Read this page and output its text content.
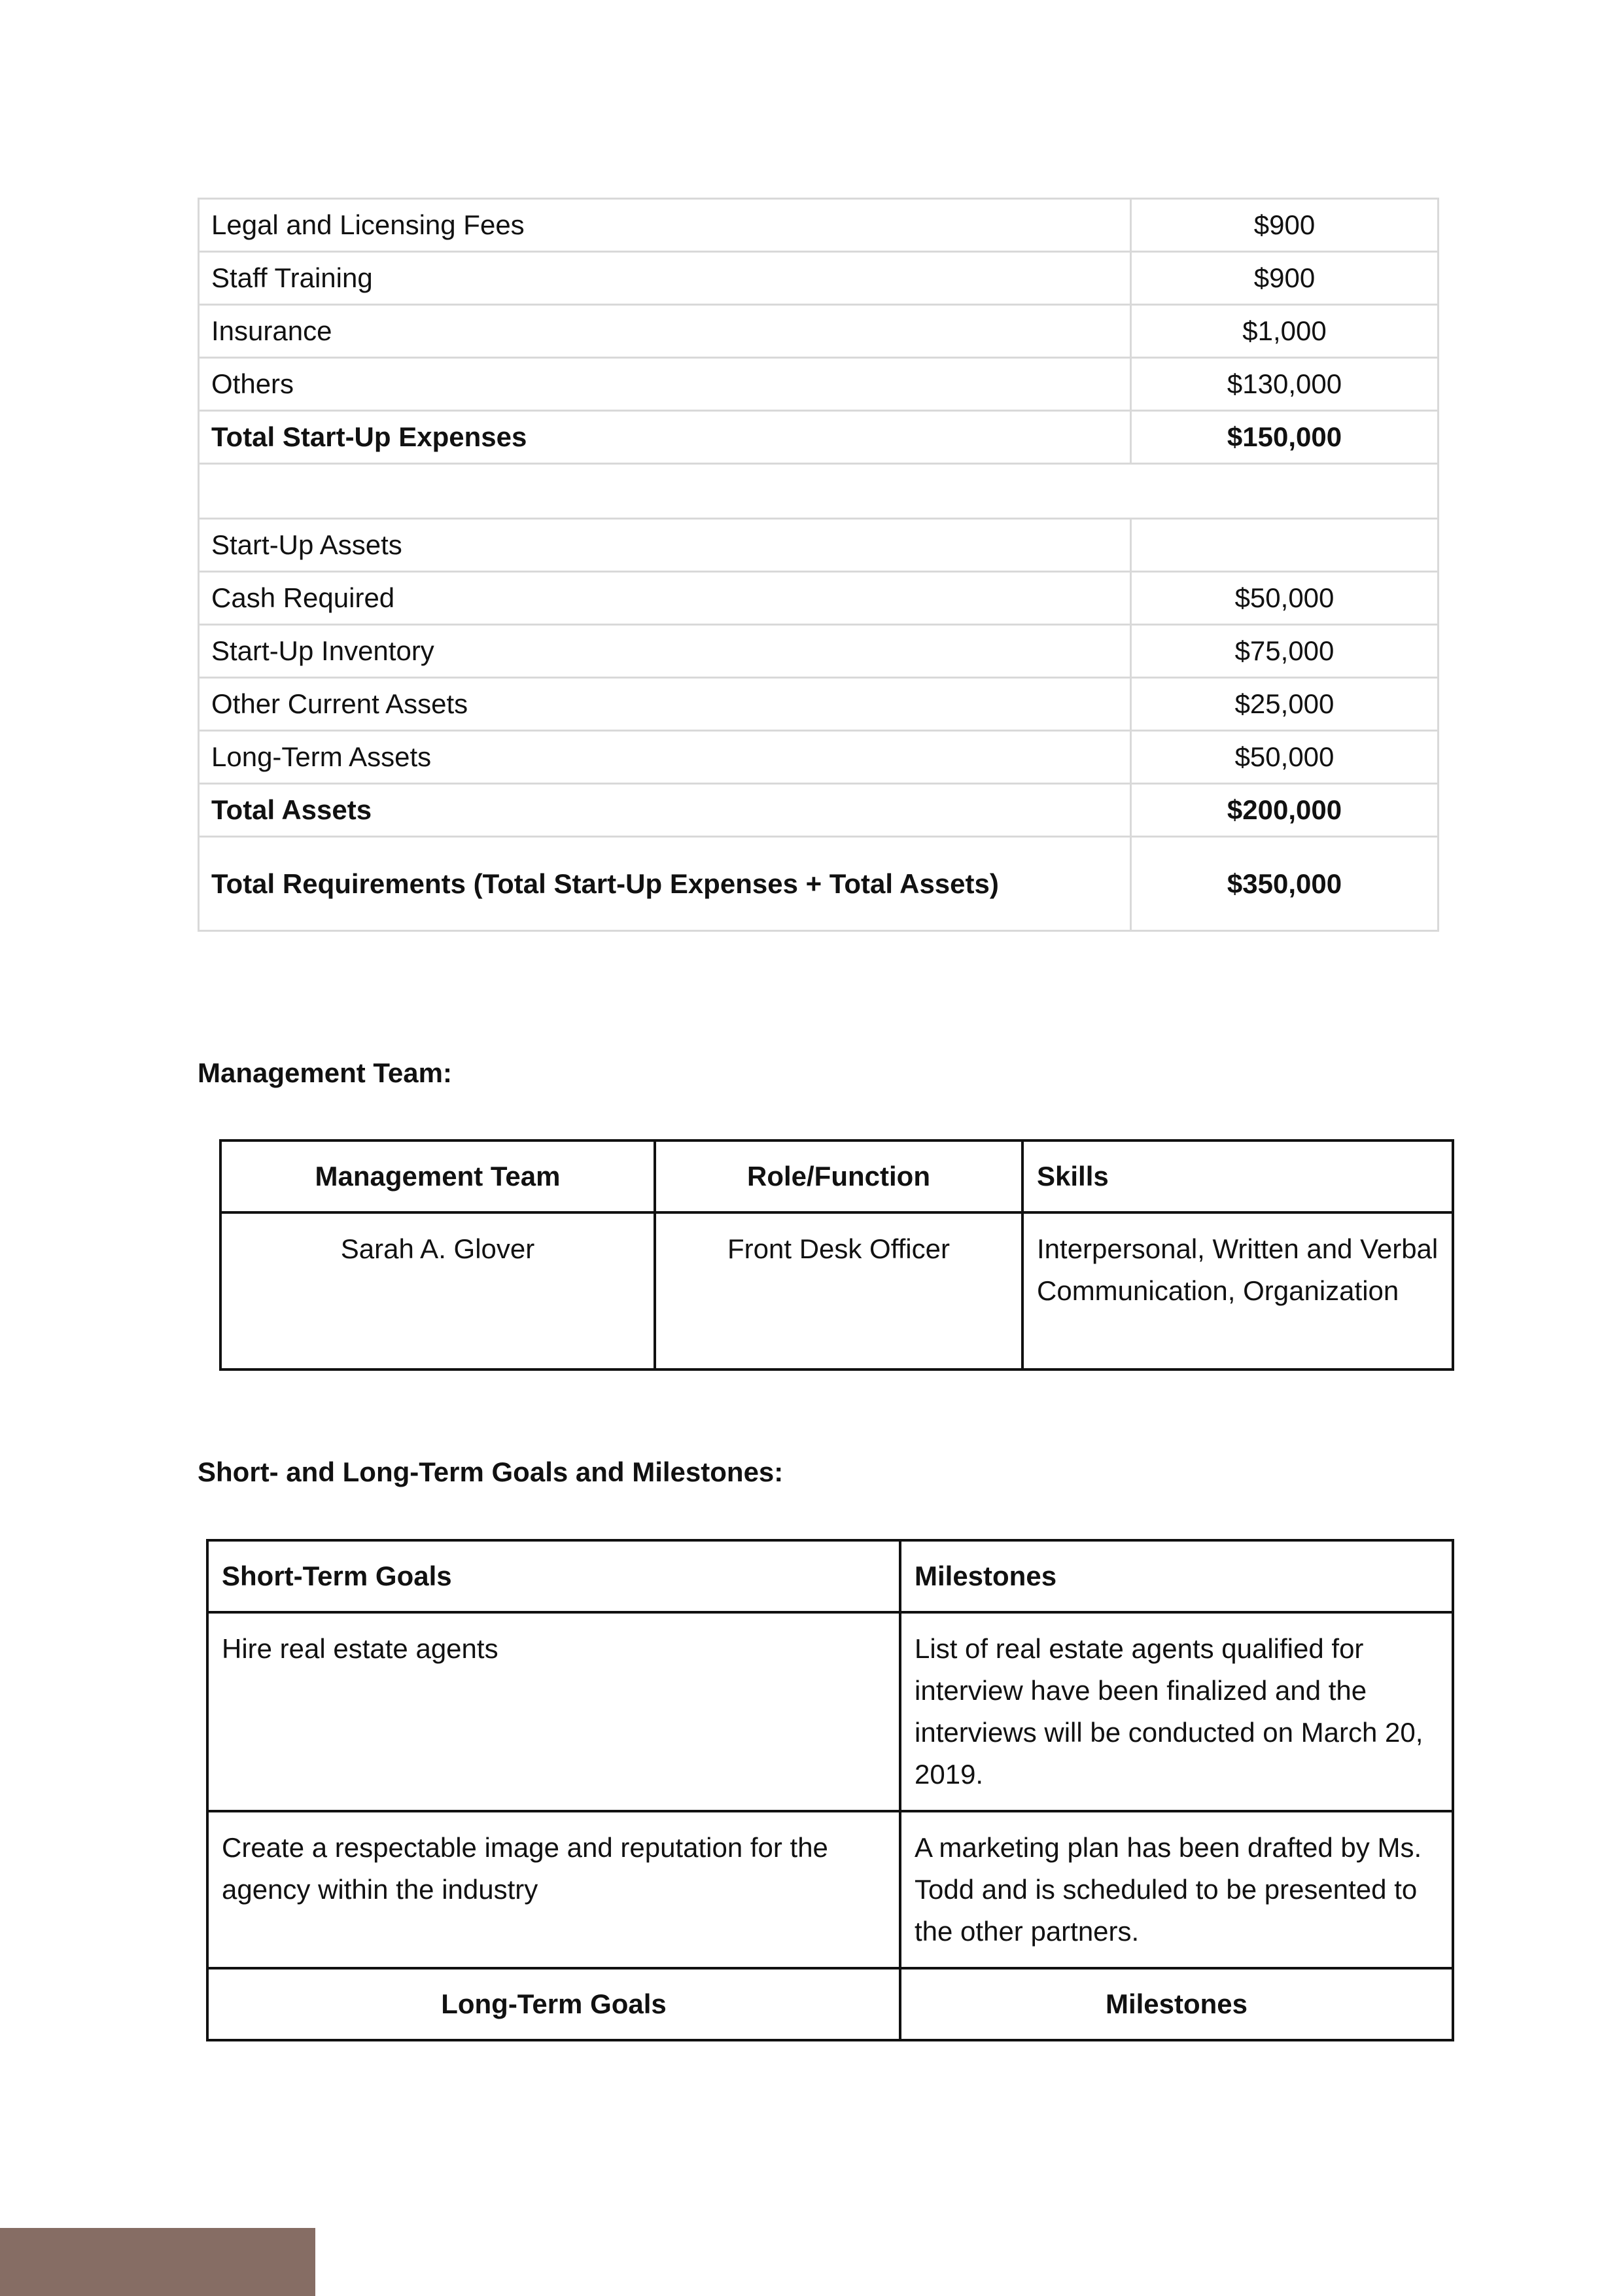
Legal and Licensing Fees	$900
Staff Training	$900
Insurance	$1,000
Others	$130,000
Total Start-Up Expenses	$150,000

Start-Up Assets	
Cash Required	$50,000
Start-Up Inventory	$75,000
Other Current Assets	$25,000
Long-Term Assets	$50,000
Total Assets	$200,000
Total Requirements (Total Start-Up Expenses + Total Assets)	$350,000
Management Team:
Management Team	Role/Function	Skills
Sarah A. Glover	Front Desk Officer	Interpersonal, Written and Verbal Communication, Organization
Short- and Long-Term Goals and Milestones:
Short-Term Goals	Milestones
Hire real estate agents	List of real estate agents qualified for interview have been finalized and the interviews will be conducted on March 20, 2019.
Create a respectable image and reputation for the agency within the industry	A marketing plan has been drafted by Ms. Todd and is scheduled to be presented to the other partners.
Long-Term Goals	Milestones
